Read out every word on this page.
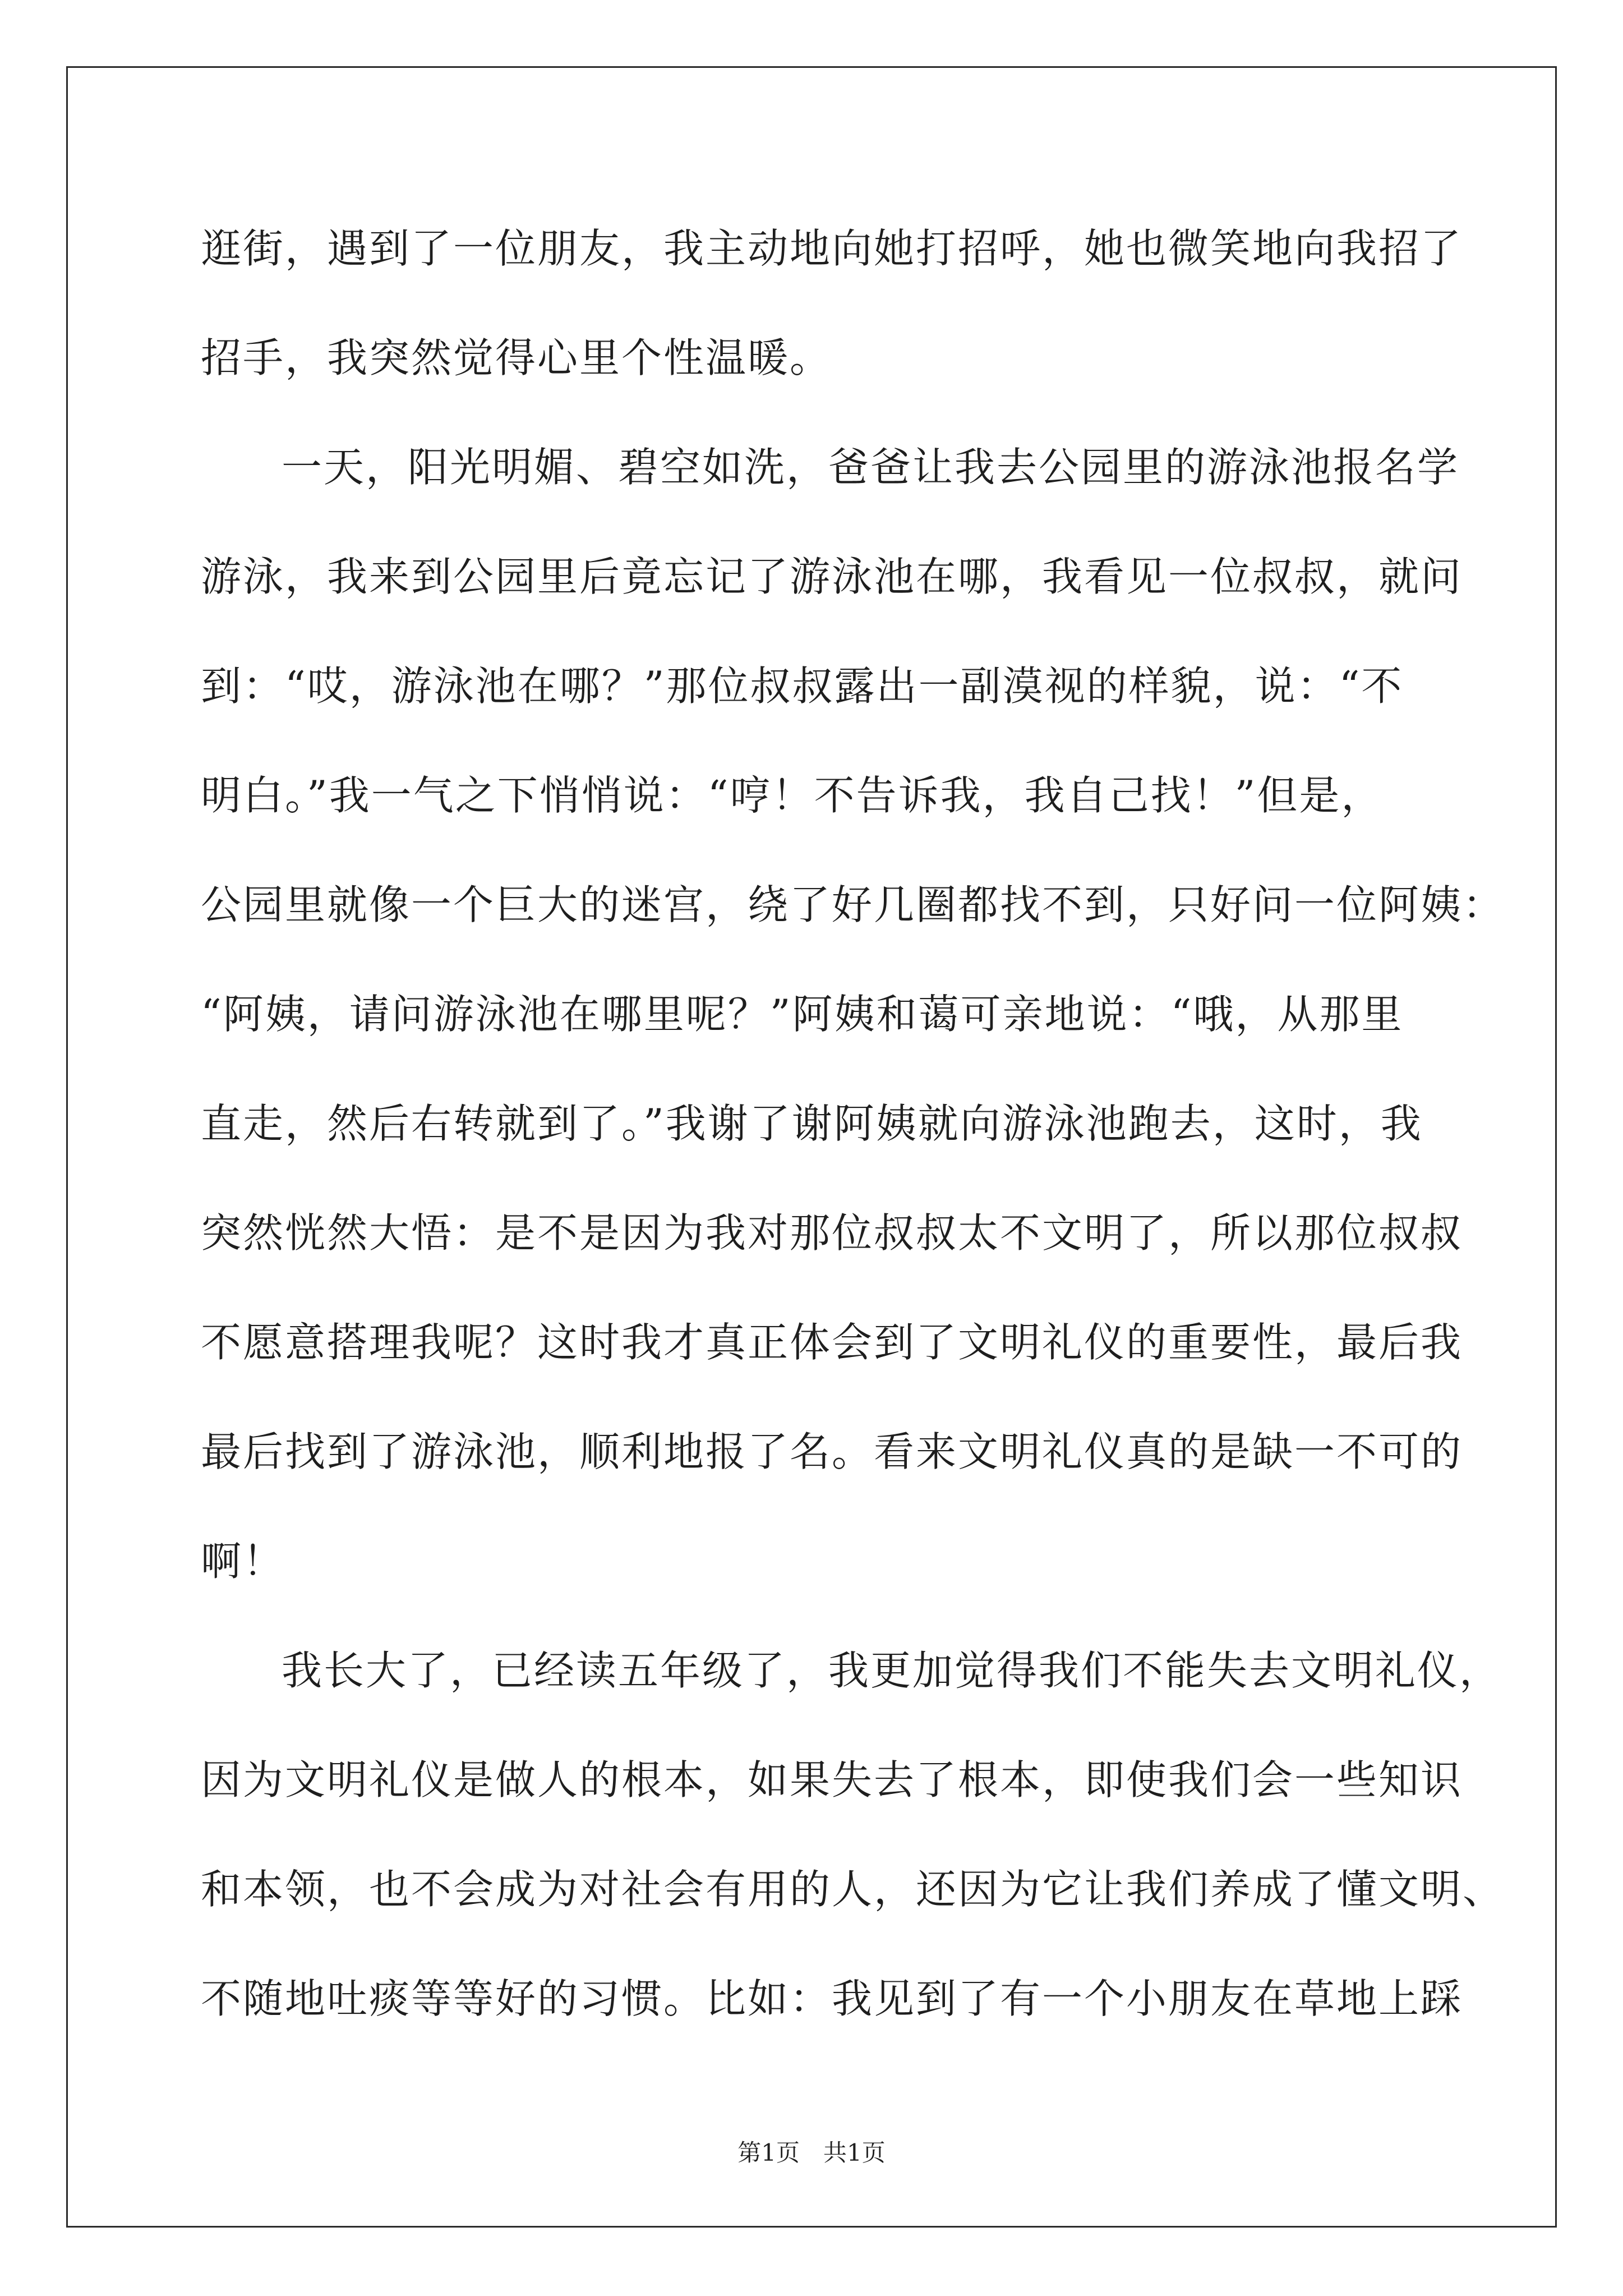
逛街，遇到了一位朋友，我主动地向她打招呼，她也微笑地向我招了
招手，我突然觉得心里个性温暖。
一天，阳光明媚、碧空如洗，爸爸让我去公园里的游泳池报名学
游泳，我来到公园里后竟忘记了游泳池在哪，我看见一位叔叔，就问
到：“哎，游泳池在哪？”那位叔叔露出一副漠视的样貌，说：“不
明白。”我一气之下悄悄说：“哼！不告诉我，我自己找！”但是，
公园里就像一个巨大的迷宫，绕了好几圈都找不到，只好问一位阿姨：
“阿姨，请问游泳池在哪里呢？”阿姨和蔼可亲地说：“哦，从那里
直走，然后右转就到了。”我谢了谢阿姨就向游泳池跑去，这时，我
突然恍然大悟：是不是因为我对那位叔叔太不文明了，所以那位叔叔
不愿意搭理我呢？这时我才真正体会到了文明礼仪的重要性，最后我
最后找到了游泳池，顺利地报了名。看来文明礼仪真的是缺一不可的
啊！
我长大了，已经读五年级了，我更加觉得我们不能失去文明礼仪，
因为文明礼仪是做人的根本，如果失去了根本，即使我们会一些知识
和本领，也不会成为对社会有用的人，还因为它让我们养成了懂文明、
不随地吐痰等等好的习惯。比如：我见到了有一个小朋友在草地上踩
第1页　共1页
